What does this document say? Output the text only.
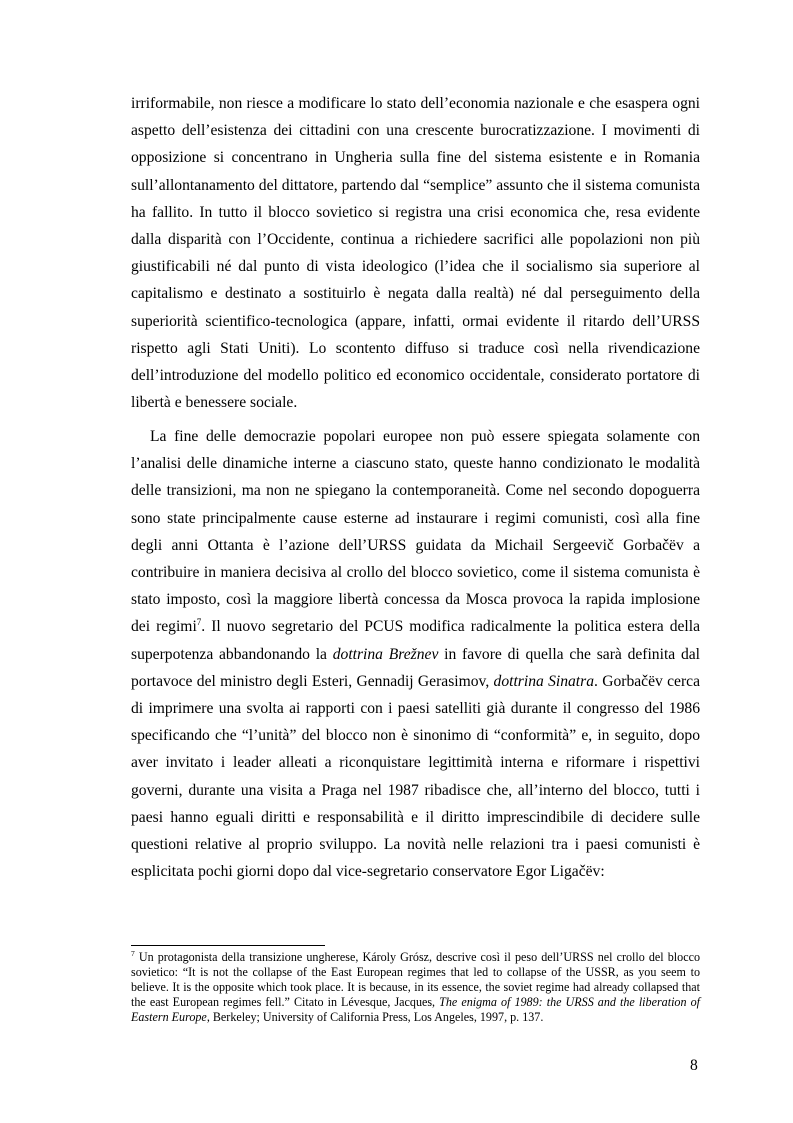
irriformabile, non riesce a modificare lo stato dell’economia nazionale e che esaspera ogni aspetto dell’esistenza dei cittadini con una crescente burocratizzazione. I movimenti di opposizione si concentrano in Ungheria sulla fine del sistema esistente e in Romania sull’allontanamento del dittatore, partendo dal “semplice” assunto che il sistema comunista ha fallito. In tutto il blocco sovietico si registra una crisi economica che, resa evidente dalla disparità con l’Occidente, continua a richiedere sacrifici alle popolazioni non più giustificabili né dal punto di vista ideologico (l’idea che il socialismo sia superiore al capitalismo e destinato a sostituirlo è negata dalla realtà) né dal perseguimento della superiorità scientifico-tecnologica (appare, infatti, ormai evidente il ritardo dell’URSS rispetto agli Stati Uniti). Lo scontento diffuso si traduce così nella rivendicazione dell’introduzione del modello politico ed economico occidentale, considerato portatore di libertà e benessere sociale.

La fine delle democrazie popolari europee non può essere spiegata solamente con l’analisi delle dinamiche interne a ciascuno stato, queste hanno condizionato le modalità delle transizioni, ma non ne spiegano la contemporaneità. Come nel secondo dopoguerra sono state principalmente cause esterne ad instaurare i regimi comunisti, così alla fine degli anni Ottanta è l’azione dell’URSS guidata da Michail Sergeevič Gorbačëv a contribuire in maniera decisiva al crollo del blocco sovietico, come il sistema comunista è stato imposto, così la maggiore libertà concessa da Mosca provoca la rapida implosione dei regimi$^7$. Il nuovo segretario del PCUS modifica radicalmente la politica estera della superpotenza abbandonando la dottrina Brežnev in favore di quella che sarà definita dal portavoce del ministro degli Esteri, Gennadij Gerasimov, dottrina Sinatra. Gorbačëv cerca di imprimere una svolta ai rapporti con i paesi satelliti già durante il congresso del 1986 specificando che “l’unità” del blocco non è sinonimo di “conformità” e, in seguito, dopo aver invitato i leader alleati a riconquistare legittimità interna e riformare i rispettivi governi, durante una visita a Praga nel 1987 ribadisce che, all’interno del blocco, tutti i paesi hanno eguali diritti e responsabilità e il diritto imprescindibile di decidere sulle questioni relative al proprio sviluppo. La novità nelle relazioni tra i paesi comunisti è esplicitata pochi giorni dopo dal vice-segretario conservatore Egor Ligačëv:

$^7$ Un protagonista della transizione ungherese, Károly Grósz, descrive così il peso dell’URSS nel crollo del blocco sovietico: “It is not the collapse of the East European regimes that led to collapse of the USSR, as you seem to believe. It is the opposite which took place. It is because, in its essence, the soviet regime had already collapsed that the east European regimes fell.” Citato in Lévesque, Jacques, The enigma of 1989: the URSS and the liberation of Eastern Europe, Berkeley; University of California Press, Los Angeles, 1997, p. 137.

8
